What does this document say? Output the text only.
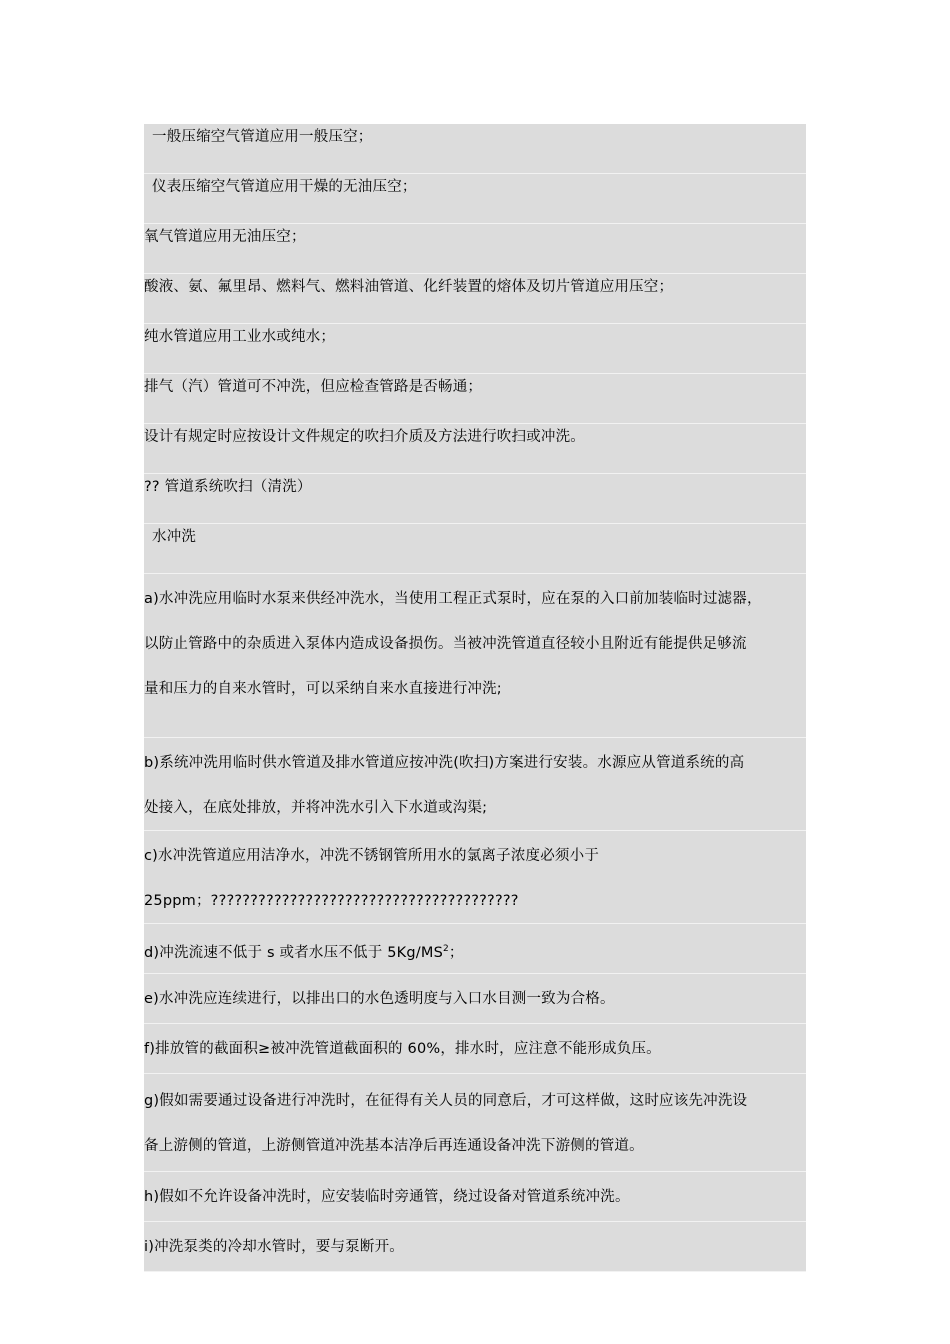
一般压缩空气管道应用一般压空；
仪表压缩空气管道应用干燥的无油压空；
氧气管道应用无油压空；
酸液、氨、氟里昂、燃料气、燃料油管道、化纤装置的熔体及切片管道应用压空；
纯水管道应用工业水或纯水；
排气（汽）管道可不冲洗，但应检查管路是否畅通；
设计有规定时应按设计文件规定的吹扫介质及方法进行吹扫或冲洗。
?? 管道系统吹扫（清洗）
水冲洗
a)水冲洗应用临时水泵来供经冲洗水，当使用工程正式泵时，应在泵的入口前加装临时过滤器，
以防止管路中的杂质进入泵体内造成设备损伤。当被冲洗管道直径较小且附近有能提供足够流
量和压力的自来水管时，可以采纳自来水直接进行冲洗;
b)系统冲洗用临时供水管道及排水管道应按冲洗(吹扫)方案进行安装。水源应从管道系统的高
处接入，在底处排放，并将冲洗水引入下水道或沟渠;
c)水冲洗管道应用洁净水，冲洗不锈钢管所用水的氯离子浓度必须小于
25ppm；???????????????????????????????????????
d)冲洗流速不低于 s 或者水压不低于 $5Kg/MS^2$；
e)水冲洗应连续进行，以排出口的水色透明度与入口水目测一致为合格。
f)排放管的截面积≥被冲洗管道截面积的 60%，排水时，应注意不能形成负压。
g)假如需要通过设备进行冲洗时，在征得有关人员的同意后，才可这样做，这时应该先冲洗设
备上游侧的管道，上游侧管道冲洗基本洁净后再连通设备冲洗下游侧的管道。
h)假如不允许设备冲洗时，应安装临时旁通管，绕过设备对管道系统冲洗。
i)冲洗泵类的冷却水管时，要与泵断开。
